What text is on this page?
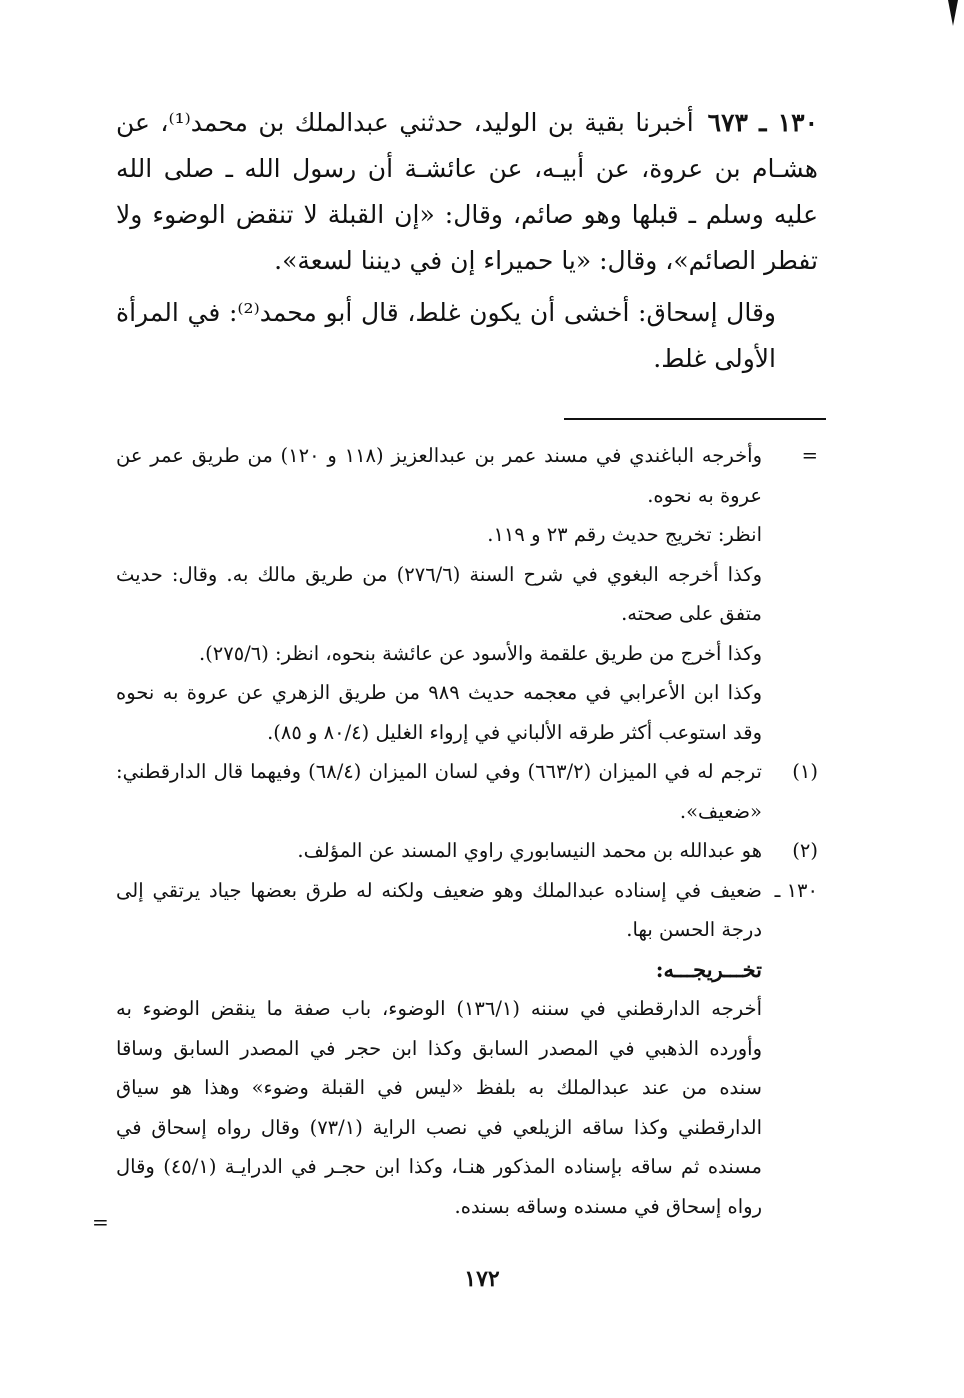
١٣٠ ـ ٦٧٣أخبرنا بقية بن الوليد، حدثني عبدالملك بن محمد⁽¹⁾، عن هشـام بن عروة، عن أبيـه، عن عائشـة أن رسول الله ـ صلى الله عليه وسلم ـ قبلها وهو صائم، وقال: «إن القبلة لا تنقض الوضوء ولا تفطر الصائم»، وقال: «يا حميراء إن في ديننا لسعة».

وقال إسحاق: أخشى أن يكون غلط، قال أبو محمد⁽²⁾: في المرأة الأولى غلط.

=
وأخرجه الباغندي في مسند عمر بن عبدالعزيز (١١٨ و ١٢٠) من طريق عمر عن عروة به نحوه.
انظر: تخريج حديث رقم ٢٣ و ١١٩.
وكذا أخرجه البغوي في شرح السنة (٢٧٦/٦) من طريق مالك به. وقال: حديث متفق على صحته.
وكذا أخرج من طريق علقمة والأسود عن عائشة بنحوه، انظر: (٢٧٥/٦).
وكذا ابن الأعرابي في معجمه حديث ٩٨٩ من طريق الزهري عن عروة به نحوه وقد استوعب أكثر طرقه الألباني في إرواء الغليل (٨٠/٤ و ٨٥).
(١)
ترجم له في الميزان (٦٦٣/٢) وفي لسان الميزان (٦٨/٤) وفيهما قال الدارقطني: «ضعيف».
(٢)
هو عبدالله بن محمد النيسابوري راوي المسند عن المؤلف.
١٣٠ ـ
ضعيف في إسناده عبدالملك وهو ضعيف ولكنه له طرق بعضها جياد يرتقي إلى درجة الحسن بها.
تخـــريجـــه:
أخرجه الدارقطني في سننه (١٣٦/١) الوضوء، باب صفة ما ينقض الوضوء به وأورده الذهبي في المصدر السابق وكذا ابن حجر في المصدر السابق وساقا سنده من عند عبدالملك به بلفظ «ليس في القبلة وضوء» وهذا هو سياق الدارقطني وكذا ساقه الزيلعي في نصب الراية (٧٣/١) وقال رواه إسحاق في مسنده ثم ساقه بإسناده المذكور هنـا، وكذا ابن حجـر في الدرايـة (٤٥/١) وقال رواه إسحاق في مسنده وساقه بسنده.
=
١٧٢
